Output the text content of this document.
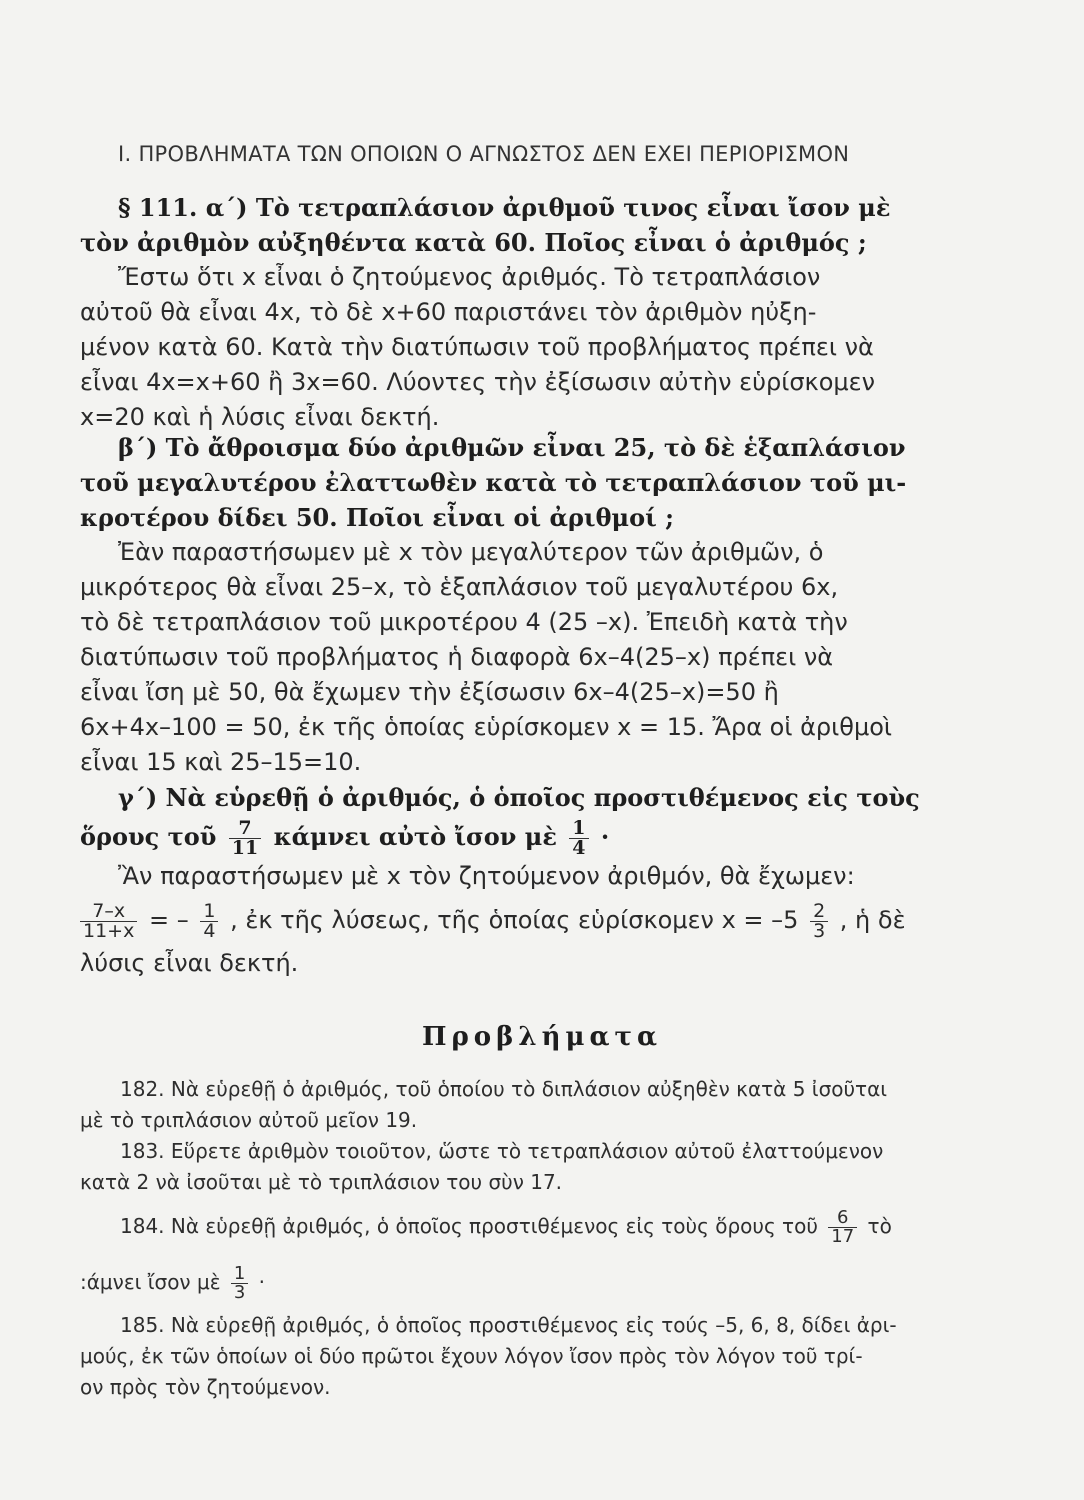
Ι. ΠΡΟΒΛΗΜΑΤΑ ΤΩΝ ΟΠΟΙΩΝ Ο ΑΓΝΩΣΤΟΣ ΔΕΝ ΕΧΕΙ ΠΕΡΙΟΡΙΣΜΟΝ
§ 111. α΄) Τὸ τετραπλάσιον ἀριθμοῦ τινος εἶναι ἴσον μὲ
τὸν ἀριθμὸν αὐξηθέντα κατὰ 60. Ποῖος εἶναι ὁ ἀριθμός ;
Ἔστω ὅτι x εἶναι ὁ ζητούμενος ἀριθμός. Τὸ τετραπλάσιον
αὐτοῦ θὰ εἶναι 4x, τὸ δὲ x+60 παριστάνει τὸν ἀριθμὸν ηὐξη-
μένον κατὰ 60. Κατὰ τὴν διατύπωσιν τοῦ προβλήματος πρέπει νὰ
εἶναι 4x=x+60 ἢ 3x=60. Λύοντες τὴν ἐξίσωσιν αὐτὴν εὑρίσκομεν
x=20 καὶ ἡ λύσις εἶναι δεκτή.
β΄) Τὸ ἄθροισμα δύο ἀριθμῶν εἶναι 25, τὸ δὲ ἑξαπλάσιον
τοῦ μεγαλυτέρου ἐλαττωθὲν κατὰ τὸ τετραπλάσιον τοῦ μι-
κροτέρου δίδει 50. Ποῖοι εἶναι οἱ ἀριθμοί ;
Ἐὰν παραστήσωμεν μὲ x τὸν μεγαλύτερον τῶν ἀριθμῶν, ὁ
μικρότερος θὰ εἶναι 25–x, τὸ ἑξαπλάσιον τοῦ μεγαλυτέρου 6x,
τὸ δὲ τετραπλάσιον τοῦ μικροτέρου 4 (25 –x). Ἐπειδὴ κατὰ τὴν
διατύπωσιν τοῦ προβλήματος ἡ διαφορὰ 6x–4(25–x) πρέπει νὰ
εἶναι ἴση μὲ 50, θὰ ἔχωμεν τὴν ἐξίσωσιν 6x–4(25–x)=50 ἢ
6x+4x–100 = 50, ἐκ τῆς ὁποίας εὑρίσκομεν x = 15. Ἄρα οἱ ἀριθμοὶ
εἶναι 15 καὶ 25–15=10.
γ΄) Νὰ εὑρεθῇ ὁ ἀριθμός, ὁ ὁποῖος προστιθέμενος εἰς τοὺς
ὅρους τοῦ $\frac{7}{11}$ κάμνει αὐτὸ ἴσον μὲ $\frac{1}{4}$ ·
Ἂν παραστήσωμεν μὲ x τὸν ζητούμενον ἀριθμόν, θὰ ἔχωμεν:
$\frac{7-x}{11+x}$ = – $\frac{1}{4}$ , ἐκ τῆς λύσεως, τῆς ὁποίας εὑρίσκομεν $x = -5 \frac{2}{3}$ , ἡ δὲ
λύσις εἶναι δεκτή.
Προβλήματα
182. Νὰ εὑρεθῇ ὁ ἀριθμός, τοῦ ὁποίου τὸ διπλάσιον αὐξηθὲν κατὰ 5 ἰσοῦται
μὲ τὸ τριπλάσιον αὐτοῦ μεῖον 19.
183. Εὕρετε ἀριθμὸν τοιοῦτον, ὥστε τὸ τετραπλάσιον αὐτοῦ ἐλαττούμενον
κατὰ 2 νὰ ἰσοῦται μὲ τὸ τριπλάσιον του σὺν 17.
184. Νὰ εὑρεθῇ ἀριθμός, ὁ ὁποῖος προστιθέμενος εἰς τοὺς ὅρους τοῦ $\frac{6}{17}$ τὸ
:άμνει ἴσον μὲ $\frac{1}{3}$ ·
185. Νὰ εὑρεθῇ ἀριθμός, ὁ ὁποῖος προστιθέμενος εἰς τούς –5, 6, 8, δίδει ἀρι-
μούς, ἐκ τῶν ὁποίων οἱ δύο πρῶτοι ἔχουν λόγον ἴσον πρὸς τὸν λόγον τοῦ τρί-
ον πρὸς τὸν ζητούμενον.
